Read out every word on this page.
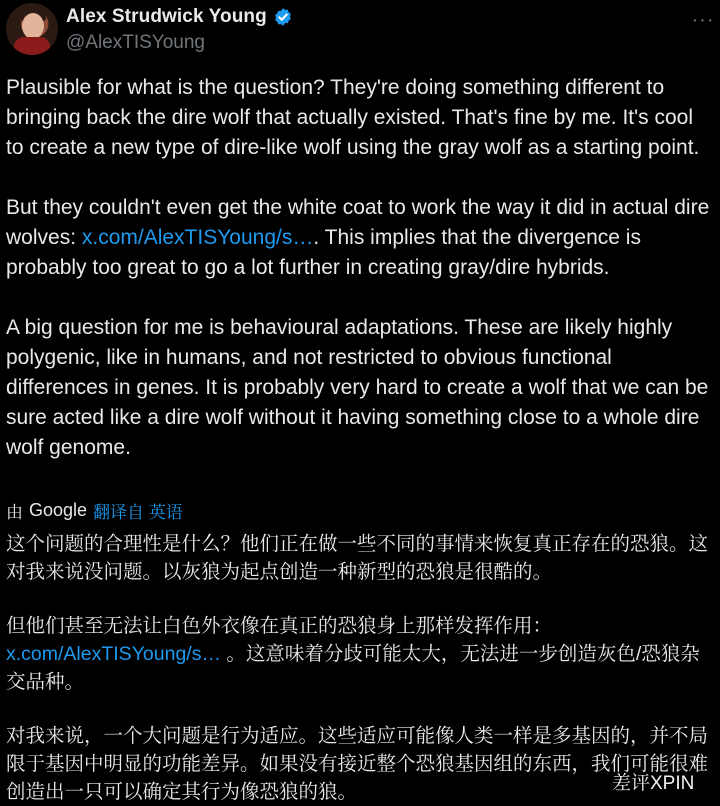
Alex Strudwick Young
@AlexTISYoung
···

Plausible for what is the question? They're doing something different to bringing back the dire wolf that actually existed. That's fine by me. It's cool to create a new type of dire-like wolf using the gray wolf as a starting point.

But they couldn't even get the white coat to work the way it did in actual dire wolves: x.com/AlexTISYoung/s…. This implies that the divergence is probably too great to go a lot further in creating gray/dire hybrids.

A big question for me is behavioural adaptations. These are likely highly polygenic, like in humans, and not restricted to obvious functional differences in genes. It is probably very hard to create a wolf that we can be sure acted like a dire wolf without it having something close to a whole dire wolf genome.

由 Google 翻译自 英语

这个问题的合理性是什么？他们正在做一些不同的事情来恢复真正存在的恐狼。这对我来说没问题。以灰狼为起点创造一种新型的恐狼是很酷的。

但他们甚至无法让白色外衣像在真正的恐狼身上那样发挥作用：x.com/AlexTISYoung/s… 。这意味着分歧可能太大，无法进一步创造灰色/恐狼杂交品种。

对我来说，一个大问题是行为适应。这些适应可能像人类一样是多基因的，并不局限于基因中明显的功能差异。如果没有接近整个恐狼基因组的东西，我们可能很难创造出一只可以确定其行为像恐狼的狼。	差评XPIN
